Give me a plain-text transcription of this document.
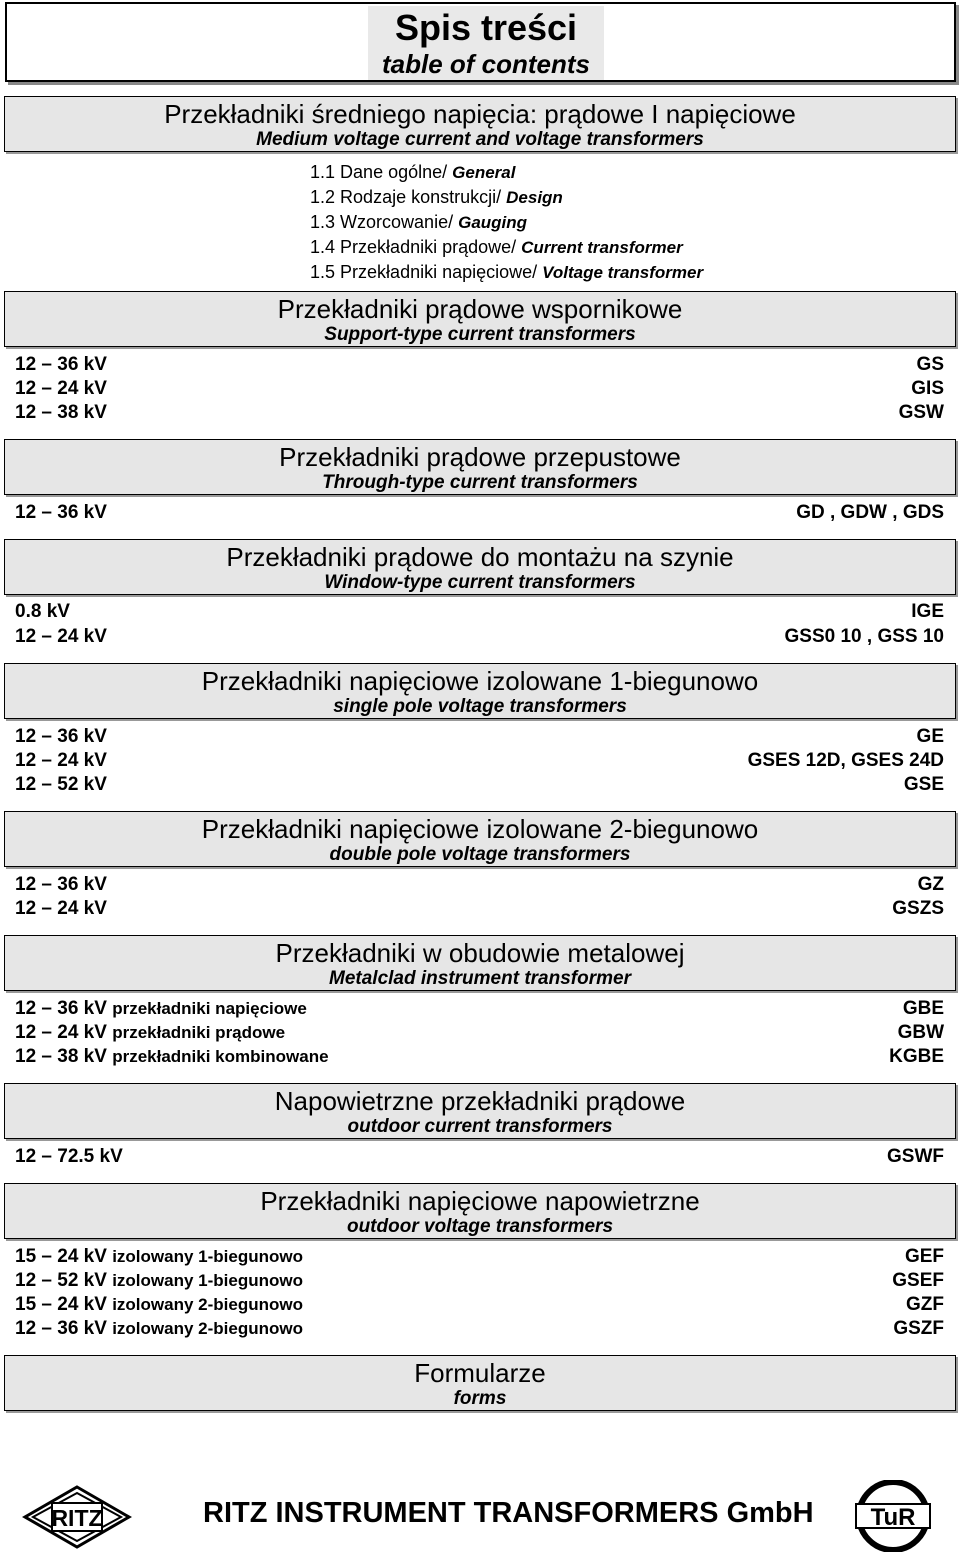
Spis treści
table of contents
Przekładniki średniego napięcia: prądowe I napięciowe
Medium voltage current and voltage transformers
1.1 Dane ogólne/ General
1.2 Rodzaje konstrukcji/ Design
1.3 Wzorcowanie/ Gauging
1.4 Przekładniki prądowe/ Current transformer
1.5 Przekładniki napięciowe/ Voltage transformer
Przekładniki prądowe wspornikowe
Support-type current transformers
12 – 36 kV	GS
12 – 24 kV	GIS
12 – 38 kV	GSW
Przekładniki prądowe przepustowe
Through-type current transformers
12 – 36 kV	GD , GDW , GDS
Przekładniki prądowe do montażu na szynie
Window-type current transformers
0.8 kV	IGE
12 – 24 kV	GSS0 10 , GSS 10
Przekładniki napięciowe izolowane 1-biegunowo
single pole voltage transformers
12 – 36 kV	GE
12 – 24 kV	GSES 12D, GSES 24D
12 – 52 kV	GSE
Przekładniki napięciowe izolowane 2-biegunowo
double pole voltage transformers
12 – 36 kV	GZ
12 – 24 kV	GSZS
Przekładniki w obudowie metalowej
Metalclad instrument transformer
12 – 36 kV przekładniki napięciowe	GBE
12 – 24 kV przekładniki prądowe	GBW
12 – 38 kV przekładniki kombinowane	KGBE
Napowietrzne przekładniki prądowe
outdoor current transformers
12 – 72.5 kV	GSWF
Przekładniki napięciowe napowietrzne
outdoor voltage transformers
15 – 24 kV izolowany 1-biegunowo	GEF
12 – 52 kV izolowany 1-biegunowo	GSEF
15 – 24 kV izolowany 2-biegunowo	GZF
12 – 36 kV izolowany 2-biegunowo	GSZF
Formularze
forms
RITZ	RITZ INSTRUMENT TRANSFORMERS GmbH TuR
